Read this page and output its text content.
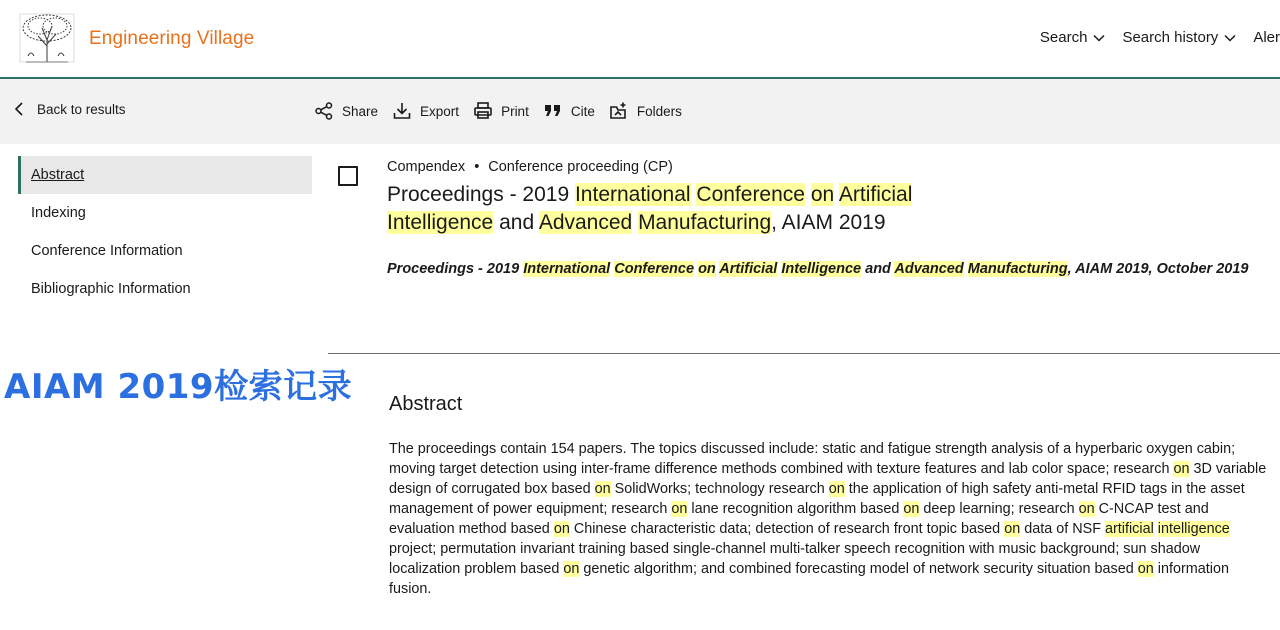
Engineering Village	Search Search history Aler
Back to results	Share	Export	Print	Cite	Folders
Abstract
Indexing
Conference Information
Bibliographic Information
AIAM 2019检索记录
Compendex • Conference proceeding (CP)
Proceedings - 2019 International Conference on Artificial Intelligence and Advanced Manufacturing, AIAM 2019
Proceedings - 2019 International Conference on Artificial Intelligence and Advanced Manufacturing, AIAM 2019, October 2019
Abstract
The proceedings contain 154 papers. The topics discussed include: static and fatigue strength analysis of a hyperbaric oxygen cabin; moving target detection using inter-frame difference methods combined with texture features and lab color space; research on 3D variable design of corrugated box based on SolidWorks; technology research on the application of high safety anti-metal RFID tags in the asset management of power equipment; research on lane recognition algorithm based on deep learning; research on C-NCAP test and evaluation method based on Chinese characteristic data; detection of research front topic based on data of NSF artificial intelligence project; permutation invariant training based single-channel multi-talker speech recognition with music background; sun shadow localization problem based on genetic algorithm; and combined forecasting model of network security situation based on information fusion.
